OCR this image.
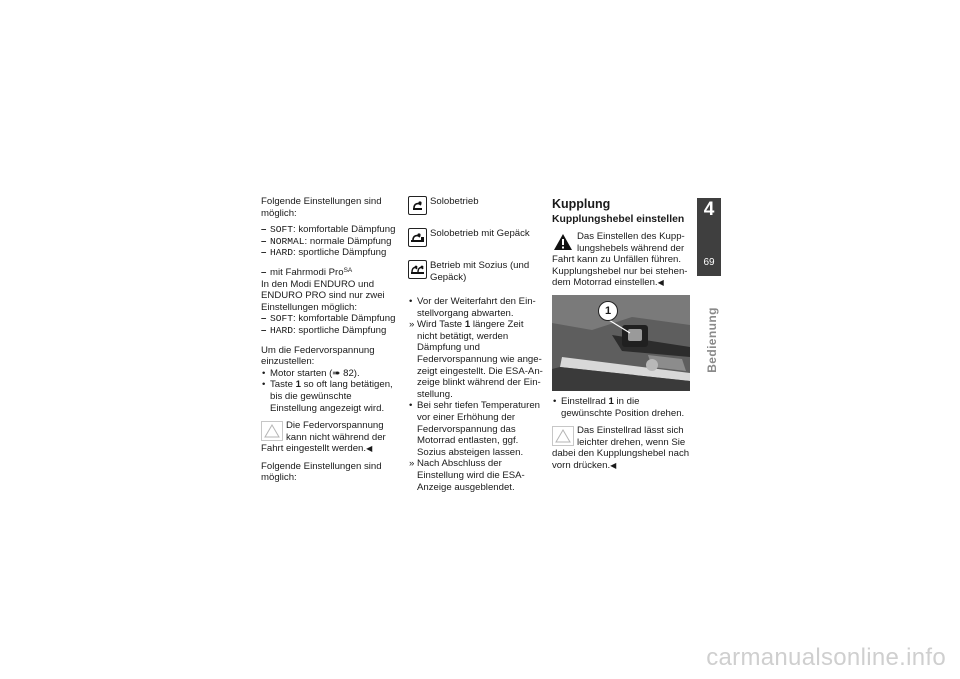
Folgende Einstellungen sind möglich:

– SOFT: komfortable Dämpfung
– NORMAL: normale Dämpfung
– HARD: sportliche Dämpfung
– mit Fahrmodi Pro$^{SA}$

In den Modi ENDURO und ENDURO PRO sind nur zwei Einstellungen möglich:

– SOFT: komfortable Dämpfung
– HARD: sportliche Dämpfung

Um die Federvorspannung einzustellen:

• Motor starten (➠ 82).
• Taste 1 so oft lang betätigen, bis die gewünschte Einstellung angezeigt wird.
Die Federvorspannung kann nicht während der Fahrt eingestellt werden.◀

Folgende Einstellungen sind möglich:

Solobetrieb
Solobetrieb mit Gepäck
Betrieb mit Sozius (und Gepäck)
• Vor der Weiterfahrt den Einstellvorgang abwarten.
» Wird Taste 1 längere Zeit nicht betätigt, werden Dämpfung und Federvorspannung wie angezeigt eingestellt. Die ESA-Anzeige blinkt während der Einstellung.
• Bei sehr tiefen Temperaturen vor einer Erhöhung der Federvorspannung das Motorrad entlasten, ggf. Sozius absteigen lassen.
» Nach Abschluss der Einstellung wird die ESA-Anzeige ausgeblendet.
Kupplung
Kupplungshebel einstellen
Das Einstellen des Kupplungshebels während der Fahrt kann zu Unfällen führen. Kupplungshebel nur bei stehendem Motorrad einstellen.◀
1
• Einstellrad 1 in die gewünschte Position drehen.
Das Einstellrad lässt sich leichter drehen, wenn Sie dabei den Kupplungshebel nach vorn drücken.◀
4
69
Bedienung
carmanualsonline.info
